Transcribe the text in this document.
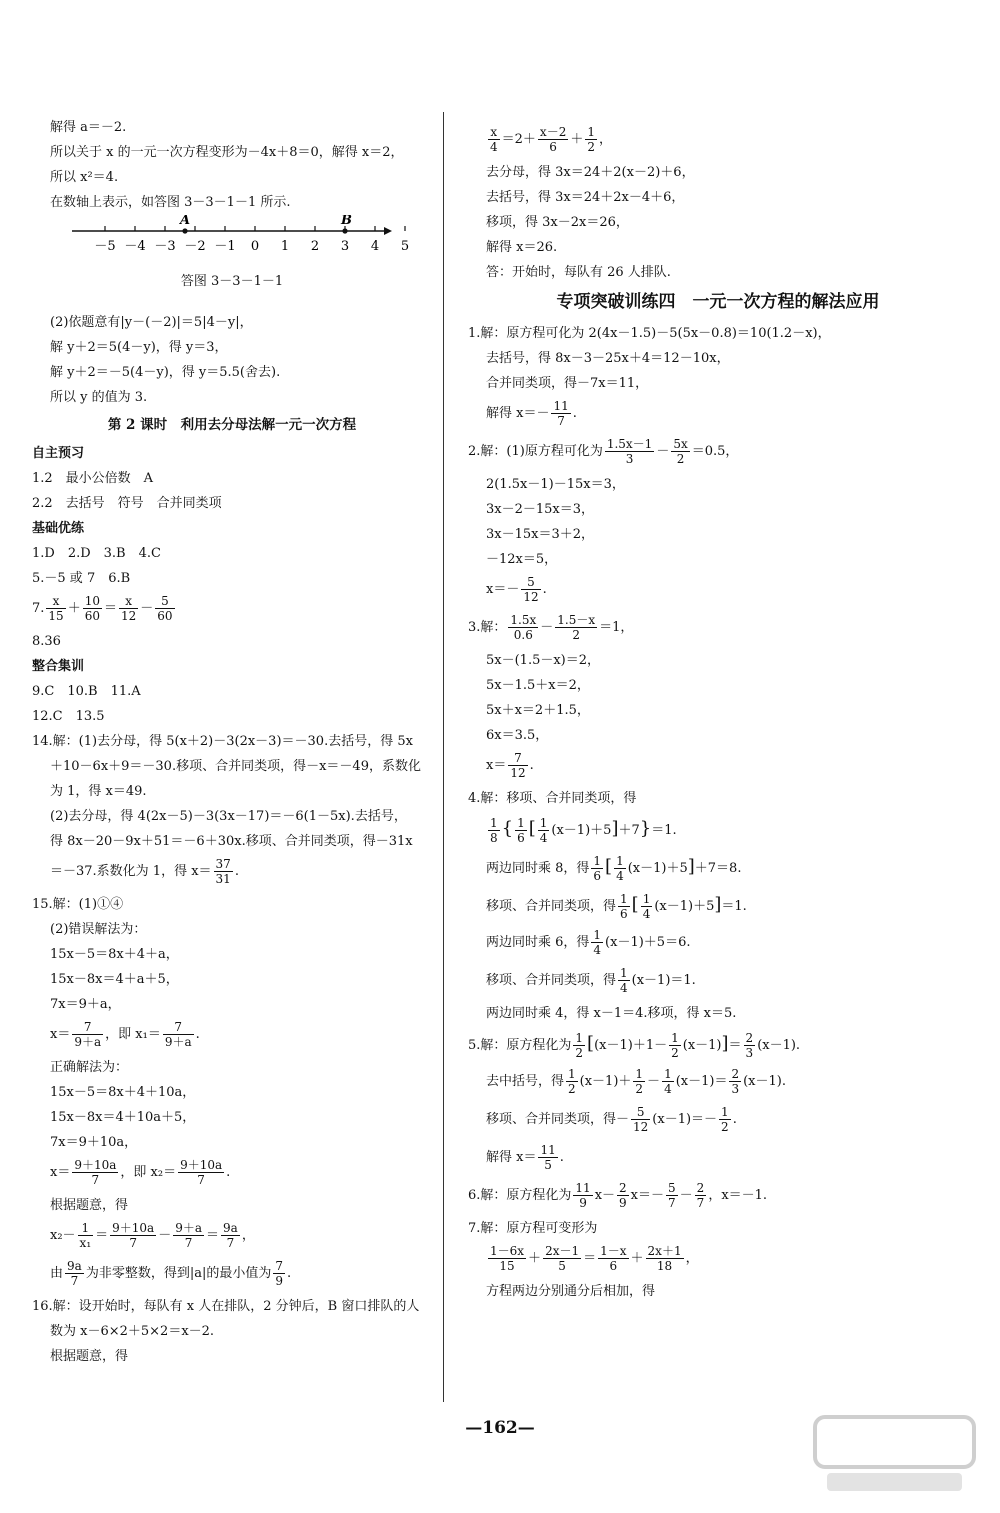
解得 a＝－2.
所以关于 x 的一元一次方程变形为－4x＋8＝0，解得 x＝2，
所以 x²＝4.
在数轴上表示，如答图 3－3－1－1 所示.
－5 －4 －3 －2 －1 0 1 2 3 4 5
A	B
答图 3－3－1－1
(2)依题意有|y－(－2)|＝5|4－y|，
解 y＋2＝5(4－y)，得 y＝3，
解 y＋2＝－5(4－y)，得 y＝5.5(舍去).
所以 y 的值为 3.
第 2 课时　利用去分母法解一元一次方程
自主预习
1.2　最小公倍数　A
2.2　去括号　符号　合并同类项
基础优练
1.D　2.D　3.B　4.C
5.－5 或 7　6.B
7. $\frac{x}{15} + \frac{10}{60} = \frac{x}{12} - \frac{5}{60}$
8.36
整合集训
9.C　10.B　11.A
12.C　13.5
14.解：(1)去分母，得 5(x＋2)－3(2x－3)＝－30.去括号，得 5x
＋10－6x＋9＝－30.移项、合并同类项，得－x＝－49，系数化
为 1，得 x＝49.
(2)去分母，得 4(2x－5)－3(3x－17)＝－6(1－5x).去括号，
得 8x－20－9x＋51＝－6＋30x.移项、合并同类项，得－31x
＝－37.系数化为 1，得 $x= \frac{37}{31}$ .
15.解：(1)①④
(2)错误解法为：
15x－5＝8x＋4＋a，
15x－8x＝4＋a＋5，
7x＝9＋a，
$x= \frac{7}{9+a}$ ，即 $x_1= \frac{7}{9+a}$ .
正确解法为：
15x－5＝8x＋4＋10a，
15x－8x＝4＋10a＋5，
7x＝9＋10a，
$x= \frac{9+10a}{7}$ ，即 $x_2= \frac{9+10a}{7}$ .
根据题意，得
$x_2- \frac{1}{\text{x₁}} = \frac{9+10a}{7} - \frac{9+a}{7} = \frac{9a}{7}$ ，
由 $\frac{9a}{7}$ 为非零整数，得到|a|的最小值为 $\frac{7}{9}$ .
16.解：设开始时，每队有 x 人在排队，2 分钟后，B 窗口排队的人
数为 x－6×2＋5×2＝x－2.
根据题意，得
$\frac{x}{4} =2+ \frac{x-2}{6} + \frac{1}{2}$ ，
去分母，得 3x＝24＋2(x－2)＋6，
去括号，得 3x＝24＋2x－4＋6，
移项，得 3x－2x＝26，
解得 x＝26.
答：开始时，每队有 26 人排队.
专项突破训练四　一元一次方程的解法应用
1.解：原方程可化为 2(4x－1.5)－5(5x－0.8)＝10(1.2－x)，
去括号，得 8x－3－25x＋4＝12－10x，
合并同类项，得－7x＝11，
解得 $x=- \frac{11}{7}$ .
2.解：(1)原方程可化为 $\frac{1.5x-1}{3} - \frac{5x}{2} =0.5$，
2(1.5x－1)－15x＝3，
3x－2－15x＝3，
3x－15x＝3＋2，
－12x＝5，
$x=- \frac{5}{12}$ .
3.解： $\frac{1.5x}{0.6} - \frac{1.5-x}{2} =1$，
5x－(1.5－x)＝2，
5x－1.5＋x＝2，
5x＋x＝2＋1.5，
6x＝3.5，
$x= \frac{7}{12}$ .
4.解：移项、合并同类项，得
$\frac{1}{8}$ { $\frac{1}{6}$ [ $\frac{1}{4} (x-1)+5]+7\}=1$.
两边同时乘 8，得 $\frac{1}{6}$ [ $\frac{1}{4} (x-1)+5]+7=8$.
移项、合并同类项，得 $\frac{1}{6}$ [ $\frac{1}{4} (x-1)+5]=1$.
两边同时乘 6，得 $\frac{1}{4} (x-1)+5=6$.
移项、合并同类项，得 $\frac{1}{4} (x-1)=1$.
两边同时乘 4，得 x－1＝4.移项，得 x＝5.
5.解：原方程化为 $\frac{1}{2} [(x-1)+1- \frac{1}{2} (x-1)]= \frac{2}{3} (x-1)$.
去中括号，得 $\frac{1}{2} (x-1)+ \frac{1}{2} - \frac{1}{4} (x-1)= \frac{2}{3} (x-1)$.
移项、合并同类项，得－ $\frac{5}{12} (x-1)=- \frac{1}{2}$ .
解得 $x= \frac{11}{5}$ .
6.解：原方程化为 $\frac{11}{9} x- \frac{2}{9} x=- \frac{5}{7} - \frac{2}{7}$ ，x＝－1.
7.解：原方程可变形为
$\frac{1-6x}{15} + \frac{2x-1}{5} = \frac{1-x}{6} + \frac{2x+1}{18}$ ，
方程两边分别通分后相加，得
—162—
